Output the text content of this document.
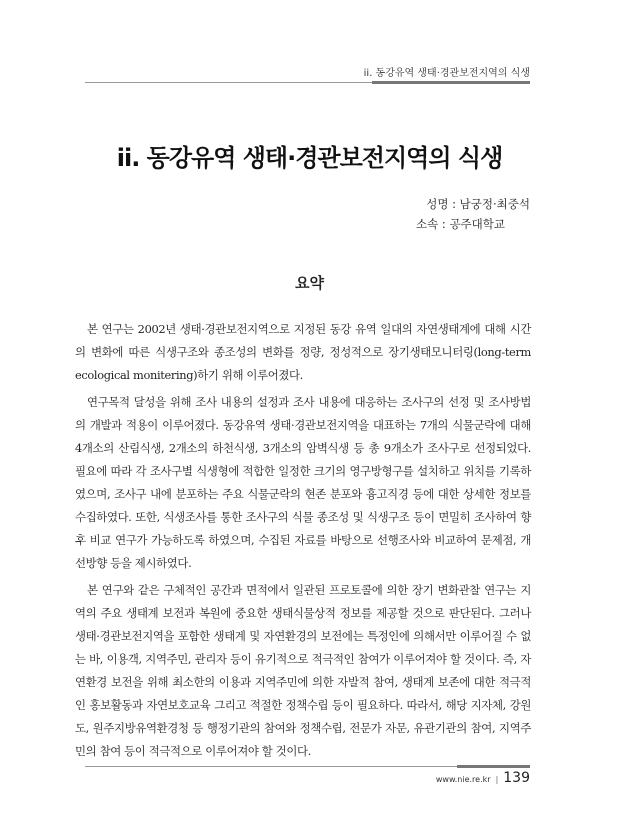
ii. 동강유역 생태·경관보전지역의 식생
ii. 동강유역 생태·경관보전지역의 식생
성명 : 남궁정·최중석
소속 : 공주대학교
요약

본 연구는 2002년 생태·경관보전지역으로 지정된 동강 유역 일대의 자연생태계에 대해 시간의 변화에 따른 식생구조와 종조성의 변화를 정량, 정성적으로 장기생태모니터링(long-term ecological monitering)하기 위해 이루어졌다.

연구목적 달성을 위해 조사 내용의 설정과 조사 내용에 대응하는 조사구의 선정 및 조사방법의 개발과 적용이 이루어졌다. 동강유역 생태·경관보전지역을 대표하는 7개의 식물군락에 대해 4개소의 산림식생, 2개소의 하천식생, 3개소의 암벽식생 등 총 9개소가 조사구로 선정되었다. 필요에 따라 각 조사구별 식생형에 적합한 일정한 크기의 영구방형구를 설치하고 위치를 기록하였으며, 조사구 내에 분포하는 주요 식물군락의 현존 분포와 흉고직경 등에 대한 상세한 정보를 수집하였다. 또한, 식생조사를 통한 조사구의 식물 종조성 및 식생구조 등이 면밀히 조사하여 향후 비교 연구가 가능하도록 하였으며, 수집된 자료를 바탕으로 선행조사와 비교하여 문제점, 개선방향 등을 제시하였다.

본 연구와 같은 구체적인 공간과 면적에서 일관된 프로토콜에 의한 장기 변화관찰 연구는 지역의 주요 생태계 보전과 복원에 중요한 생태식물상적 정보를 제공할 것으로 판단된다. 그러나 생태·경관보전지역을 포함한 생태계 및 자연환경의 보전에는 특정인에 의해서만 이루어질 수 없는 바, 이용객, 지역주민, 관리자 등이 유기적으로 적극적인 참여가 이루어져야 할 것이다. 즉, 자연환경 보전을 위해 최소한의 이용과 지역주민에 의한 자발적 참여, 생태계 보존에 대한 적극적인 홍보활동과 자연보호교육 그리고 적절한 정책수립 등이 필요하다. 따라서, 해당 지자체, 강원도, 원주지방유역환경청 등 행정기관의 참여와 정책수립, 전문가 자문, 유관기관의 참여, 지역주민의 참여 등이 적극적으로 이루어져야 할 것이다.

www.nie.re.kr | 139
